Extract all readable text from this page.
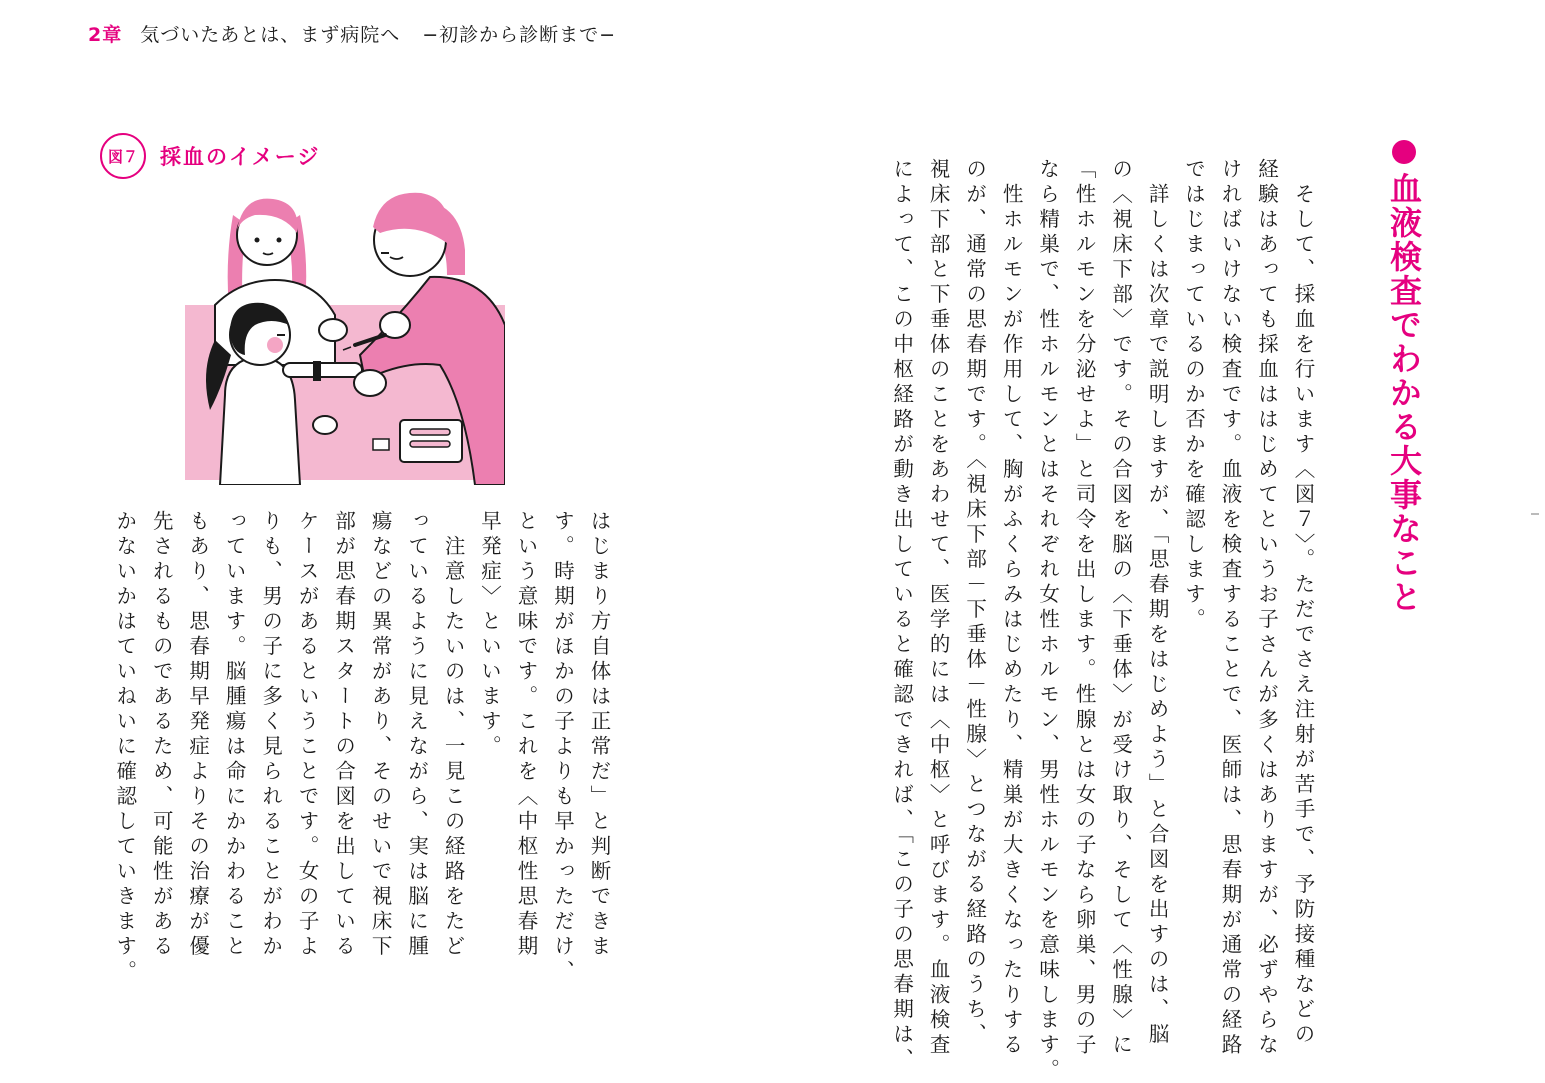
2章 気づいたあとは、まず病院へ −初診から診断まで−
図７	採血のイメージ
はじまり方自体は正常だ」と判断できま
す。時期がほかの子よりも早かっただけ、
という意味です。これを〈中枢性思春期
早発症〉といいます。
　注意したいのは、一見この経路をたど
っているように見えながら、実は脳に腫
瘍などの異常があり、そのせいで視床下
部が思春期スタートの合図を出している
ケースがあるということです。女の子よ
りも、男の子に多く見られることがわか
っています。脳腫瘍は命にかかわること
もあり、思春期早発症よりその治療が優
先されるものであるため、可能性がある
かないかはていねいに確認していきます。	　そして、採血を行います〈図７〉。ただでさえ注射が苦手で、予防接種などの
経験はあっても採血ははじめてというお子さんが多くはありますが、必ずやらな
ければいけない検査です。血液を検査することで、医師は、思春期が通常の経路
ではじまっているのか否かを確認します。
　詳しくは次章で説明しますが、「思春期をはじめよう」と合図を出すのは、脳
の〈視床下部〉です。その合図を脳の〈下垂体〉が受け取り、そして〈性腺〉に
「性ホルモンを分泌せよ」と司令を出します。性腺とは女の子なら卵巣、男の子
なら精巣で、性ホルモンとはそれぞれ女性ホルモン、男性ホルモンを意味します。
　性ホルモンが作用して、胸がふくらみはじめたり、精巣が大きくなったりする
のが、通常の思春期です。〈視床下部－下垂体－性腺〉とつながる経路のうち、
視床下部と下垂体のことをあわせて、医学的には〈中枢〉と呼びます。血液検査
によって、この中枢経路が動き出していると確認できれば、「この子の思春期は、	血液検査でわかる大事なこと
